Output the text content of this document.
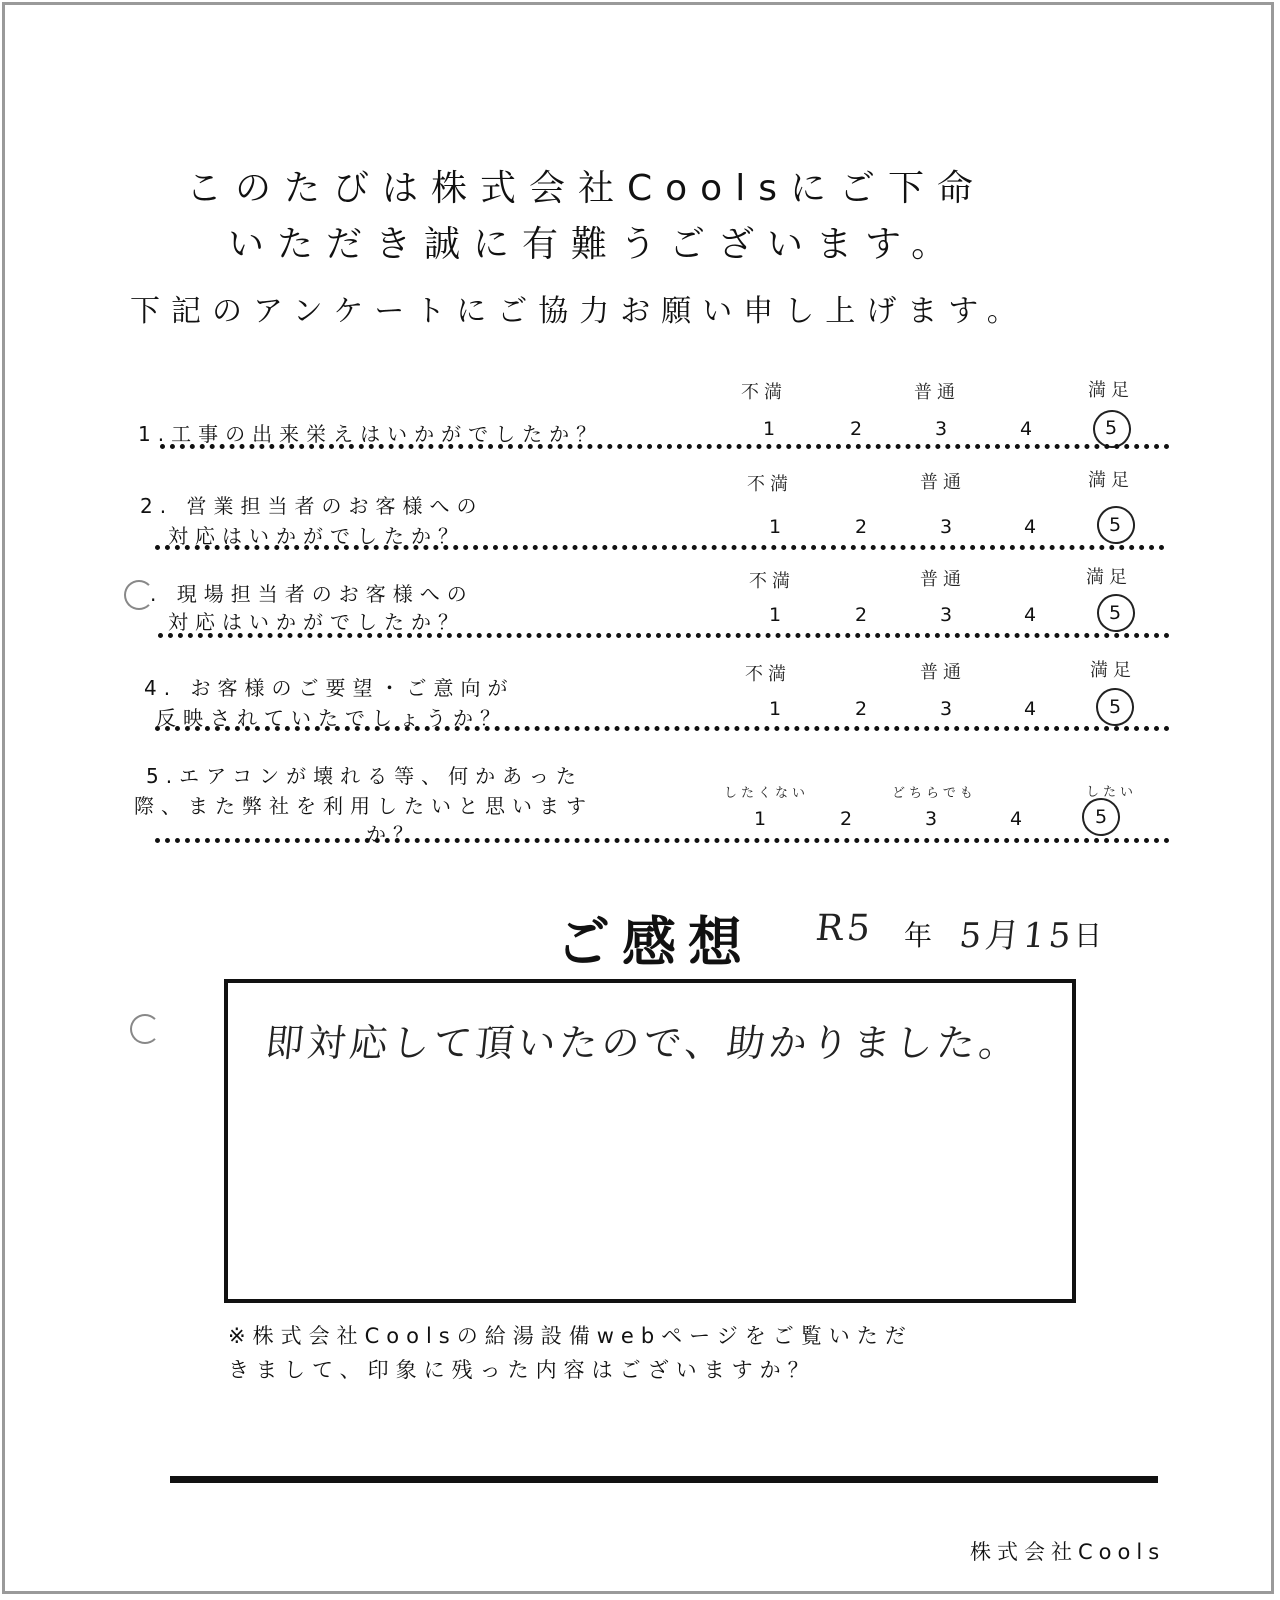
このたびは株式会社Coolsにご下命
いただき誠に有難うございます。
下記のアンケートにご協力お願い申し上げます。
不満	普通	満足
1.工事の出来栄えはいかがでしたか？	1	2	3	4	5
不満	普通	満足
2. 営業担当者のお客様への
対応はいかがでしたか？	1	2	3	4	5
不満	普通	満足
. 現場担当者のお客様への
対応はいかがでしたか？	1	2	3	4	5
不満	普通	満足
4. お客様のご要望・ご意向が
反映されていたでしょうか？	1	2	3	4	5
5.エアコンが壊れる等、何かあった
際、また弊社を利用したいと思います
か？
したくない	どちらでも	したい
1	2	3	4	5
ご感想 R5 年 5月15
日
即対応して頂いたので、助かりました。
※株式会社Coolsの給湯設備webページをご覧いただ
きまして、印象に残った内容はございますか？
株式会社Cools
